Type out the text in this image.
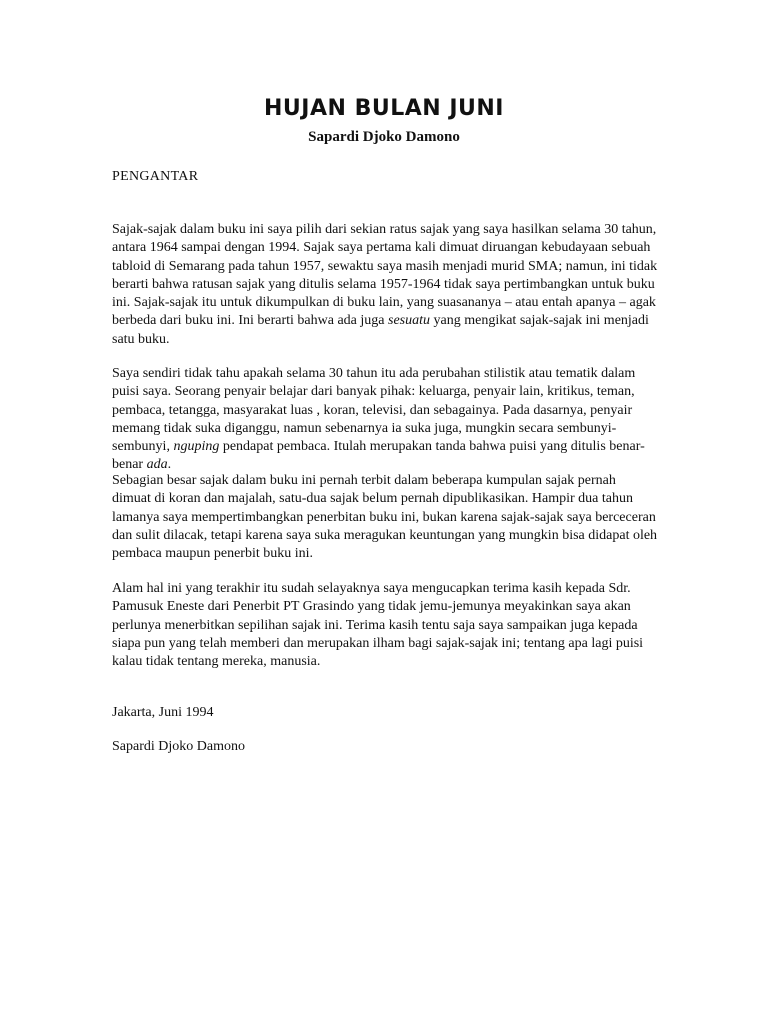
HUJAN BULAN JUNI
Sapardi Djoko Damono
PENGANTAR

Sajak-sajak dalam buku ini saya pilih dari sekian ratus sajak yang saya hasilkan selama 30 tahun, antara 1964 sampai dengan 1994. Sajak saya pertama kali dimuat diruangan kebudayaan sebuah tabloid di Semarang pada tahun 1957, sewaktu saya masih menjadi murid SMA; namun, ini tidak berarti bahwa ratusan sajak yang ditulis selama 1957-1964 tidak saya pertimbangkan untuk buku ini. Sajak-sajak itu untuk dikumpulkan di buku lain, yang suasananya – atau entah apanya – agak berbeda dari buku ini. Ini berarti bahwa ada juga sesuatu yang mengikat sajak-sajak ini menjadi satu buku.

Saya sendiri tidak tahu apakah selama 30 tahun itu ada perubahan stilistik atau tematik dalam puisi saya. Seorang penyair belajar dari banyak pihak: keluarga, penyair lain, kritikus, teman, pembaca, tetangga, masyarakat luas , koran, televisi, dan sebagainya. Pada dasarnya, penyair memang tidak suka diganggu, namun sebenarnya ia suka juga, mungkin secara sembunyi-sembunyi, nguping pendapat pembaca. Itulah merupakan tanda bahwa puisi yang ditulis benar-benar ada.

Sebagian besar sajak dalam buku ini pernah terbit dalam beberapa kumpulan sajak pernah dimuat di koran dan majalah, satu-dua sajak belum pernah dipublikasikan. Hampir dua tahun lamanya saya mempertimbangkan penerbitan buku ini, bukan karena sajak-sajak saya berceceran dan sulit dilacak, tetapi karena saya suka meragukan keuntungan yang mungkin bisa didapat oleh pembaca maupun penerbit buku ini.

Alam hal ini yang terakhir itu sudah selayaknya saya mengucapkan terima kasih kepada Sdr. Pamusuk Eneste dari Penerbit PT Grasindo yang tidak jemu-jemunya meyakinkan saya akan perlunya menerbitkan sepilihan sajak ini. Terima kasih tentu saja saya sampaikan juga kepada siapa pun yang telah memberi dan merupakan ilham bagi sajak-sajak ini; tentang apa lagi puisi kalau tidak tentang mereka, manusia.

Jakarta, Juni 1994
Sapardi Djoko Damono
